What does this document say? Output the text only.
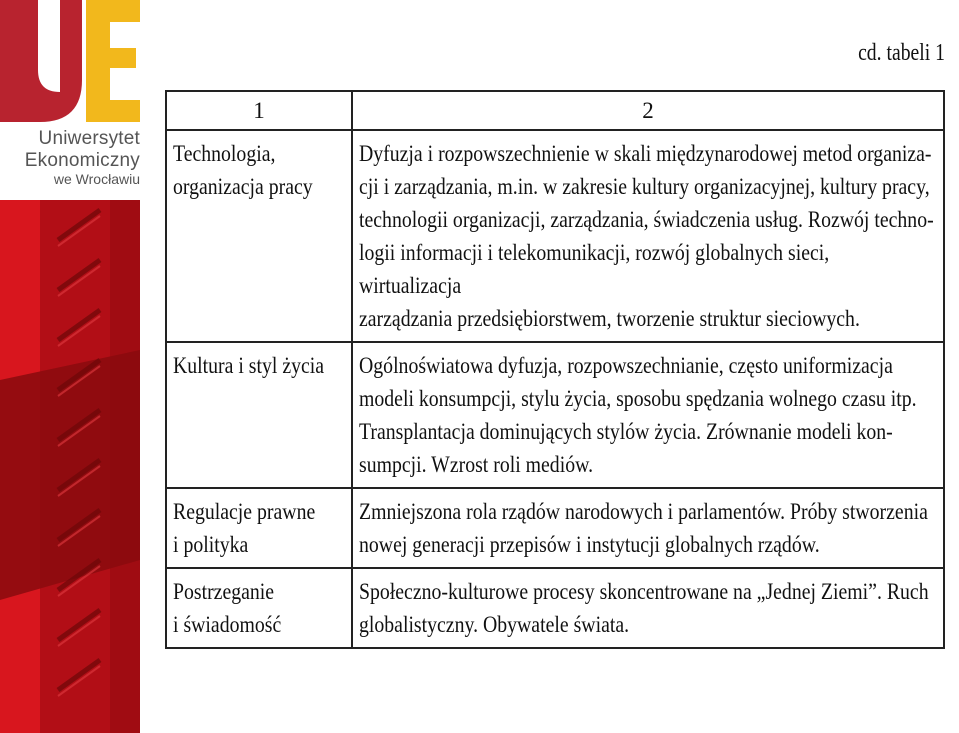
Uniwersytet
Ekonomiczny
we Wrocławiu
cd. tabeli 1
1	2
Technologia,
organizacja pracy	Dyfuzja i rozpowszechnienie w skali międzynarodowej metod organiza-
cji i zarządzania, m.in. w zakresie kultury organizacyjnej, kultury pracy,
technologii organizacji, zarządzania, świadczenia usług. Rozwój techno-
logii informacji i telekomunikacji, rozwój globalnych sieci, wirtualizacja
zarządzania przedsiębiorstwem, tworzenie struktur sieciowych.
Kultura i styl życia	Ogólnoświatowa dyfuzja, rozpowszechnianie, często uniformizacja
modeli konsumpcji, stylu życia, sposobu spędzania wolnego czasu itp.
Transplantacja dominujących stylów życia. Zrównanie modeli kon-
sumpcji. Wzrost roli mediów.
Regulacje prawne
i polityka	Zmniejszona rola rządów narodowych i parlamentów. Próby stworzenia
nowej generacji przepisów i instytucji globalnych rządów.
Postrzeganie
i świadomość	Społeczno-kulturowe procesy skoncentrowane na „Jednej Ziemi”. Ruch
globalistyczny. Obywatele świata.
